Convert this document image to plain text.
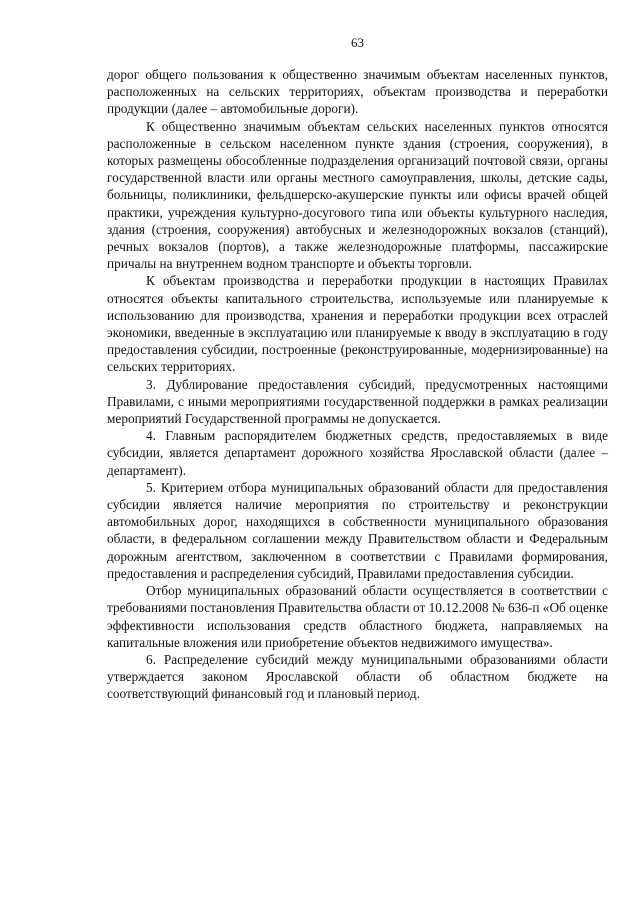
63

дорог общего пользования к общественно значимым объектам населенных пунктов, расположенных на сельских территориях, объектам производства и переработки продукции (далее – автомобильные дороги).

К общественно значимым объектам сельских населенных пунктов относятся расположенные в сельском населенном пункте здания (строения, сооружения), в которых размещены обособленные подразделения организаций почтовой связи, органы государственной власти или органы местного самоуправления, школы, детские сады, больницы, поликлиники, фельдшерско-акушерские пункты или офисы врачей общей практики, учреждения культурно-досугового типа или объекты культурного наследия, здания (строения, сооружения) автобусных и железнодорожных вокзалов (станций), речных вокзалов (портов), а также железнодорожные платформы, пассажирские причалы на внутреннем водном транспорте и объекты торговли.

К объектам производства и переработки продукции в настоящих Правилах относятся объекты капитального строительства, используемые или планируемые к использованию для производства, хранения и переработки продукции всех отраслей экономики, введенные в эксплуатацию или планируемые к вводу в эксплуатацию в году предоставления субсидии, построенные (реконструированные, модернизированные) на сельских территориях.

3. Дублирование предоставления субсидий, предусмотренных настоящими Правилами, с иными мероприятиями государственной поддержки в рамках реализации мероприятий Государственной программы не допускается.

4. Главным распорядителем бюджетных средств, предоставляемых в виде субсидии, является департамент дорожного хозяйства Ярославской области (далее – департамент).

5. Критерием отбора муниципальных образований области для предоставления субсидии является наличие мероприятия по строительству и реконструкции автомобильных дорог, находящихся в собственности муниципального образования области, в федеральном соглашении между Правительством области и Федеральным дорожным агентством, заключенном в соответствии с Правилами формирования, предоставления и распределения субсидий, Правилами предоставления субсидии.

Отбор муниципальных образований области осуществляется в соответствии с требованиями постановления Правительства области от 10.12.2008 № 636-п «Об оценке эффективности использования средств областного бюджета, направляемых на капитальные вложения или приобретение объектов недвижимого имущества».

6. Распределение субсидий между муниципальными образованиями области утверждается законом Ярославской области об областном бюджете на соответствующий финансовый год и плановый период.
